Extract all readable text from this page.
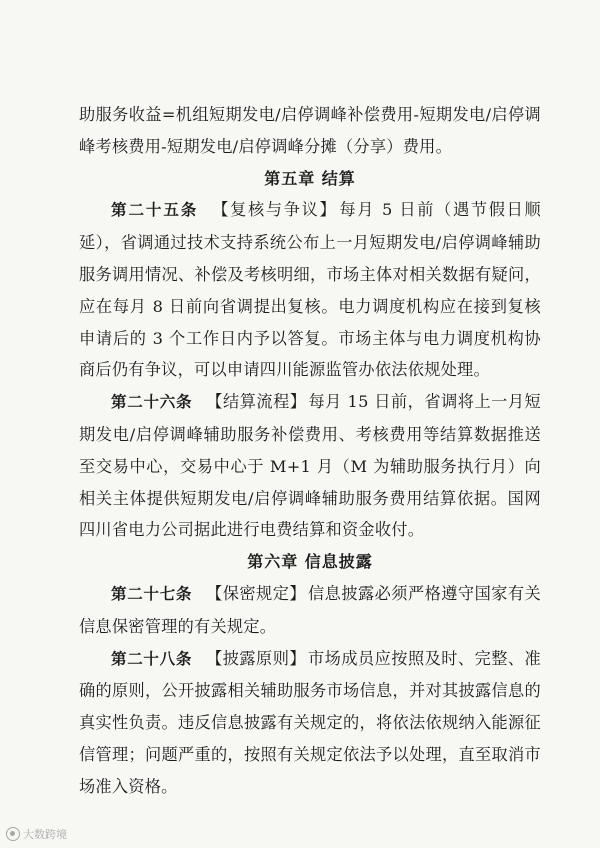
助服务收益=机组短期发电/启停调峰补偿费用-短期发电/启停调峰考核费用-短期发电/启停调峰分摊（分享）费用。

第五章 结算

第二十五条 【复核与争议】 每月 5 日前（遇节假日顺延），省调通过技术支持系统公布上一月短期发电/启停调峰辅助服务调用情况、补偿及考核明细，市场主体对相关数据有疑问，应在每月 8 日前向省调提出复核。电力调度机构应在接到复核申请后的 3 个工作日内予以答复。市场主体与电力调度机构协商后仍有争议，可以申请四川能源监管办依法依规处理。

第二十六条 【结算流程】 每月 15 日前，省调将上一月短期发电/启停调峰辅助服务补偿费用、考核费用等结算数据推送至交易中心，交易中心于 M+1 月（M 为辅助服务执行月）向相关主体提供短期发电/启停调峰辅助服务费用结算依据。国网四川省电力公司据此进行电费结算和资金收付。

第六章 信息披露

第二十七条 【保密规定】 信息披露必须严格遵守国家有关信息保密管理的有关规定。

第二十八条 【披露原则】 市场成员应按照及时、完整、准确的原则，公开披露相关辅助服务市场信息，并对其披露信息的真实性负责。违反信息披露有关规定的，将依法依规纳入能源征信管理；问题严重的，按照有关规定依法予以处理，直至取消市场准入资格。

大数跨境
